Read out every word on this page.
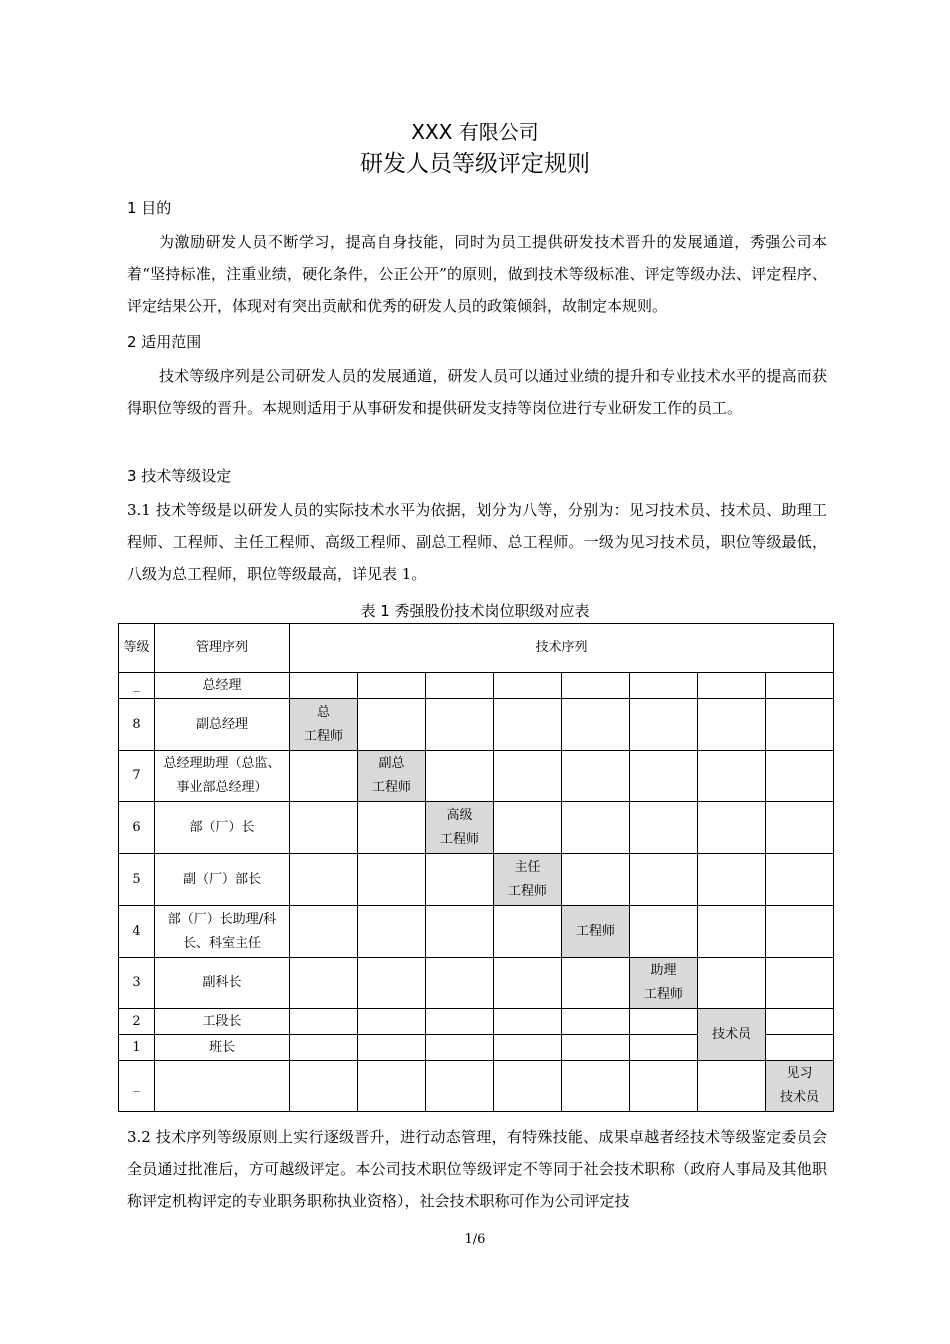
XXX 有限公司
研发人员等级评定规则
1 目的
为激励研发人员不断学习，提高自身技能，同时为员工提供研发技术晋升的发展通道，秀强公司本着“坚持标准，注重业绩，硬化条件，公正公开”的原则，做到技术等级标准、评定等级办法、评定程序、评定结果公开，体现对有突出贡献和优秀的研发人员的政策倾斜，故制定本规则。
2 适用范围
技术等级序列是公司研发人员的发展通道，研发人员可以通过业绩的提升和专业技术水平的提高而获得职位等级的晋升。本规则适用于从事研发和提供研发支持等岗位进行专业研发工作的员工。
3 技术等级设定
3.1 技术等级是以研发人员的实际技术水平为依据，划分为八等，分别为：见习技术员、技术员、助理工程师、工程师、主任工程师、高级工程师、副总工程师、总工程师。一级为见习技术员，职位等级最低，八级为总工程师，职位等级最高，详见表 1。
表 1 秀强股份技术岗位职级对应表
等级	管理序列	技术序列							
_	总经理								
8	副总经理	总
工程师							

7	总经理助理（总监、
事业部总经理）		副总
工程师						

6	部（厂）长			高级
工程师					

5	副（厂）部长				主任
工程师				

4	部（厂）长助理/科
长、科室主任					工程师			
3	副科长						助理
工程师		

2	工段长							技术员	
1	班长								
_									见习
技术员
3.2 技术序列等级原则上实行逐级晋升，进行动态管理，有特殊技能、成果卓越者经技术等级鉴定委员会全员通过批准后，方可越级评定。本公司技术职位等级评定不等同于社会技术职称（政府人事局及其他职称评定机构评定的专业职务职称执业资格），社会技术职称可作为公司评定技
1/6
